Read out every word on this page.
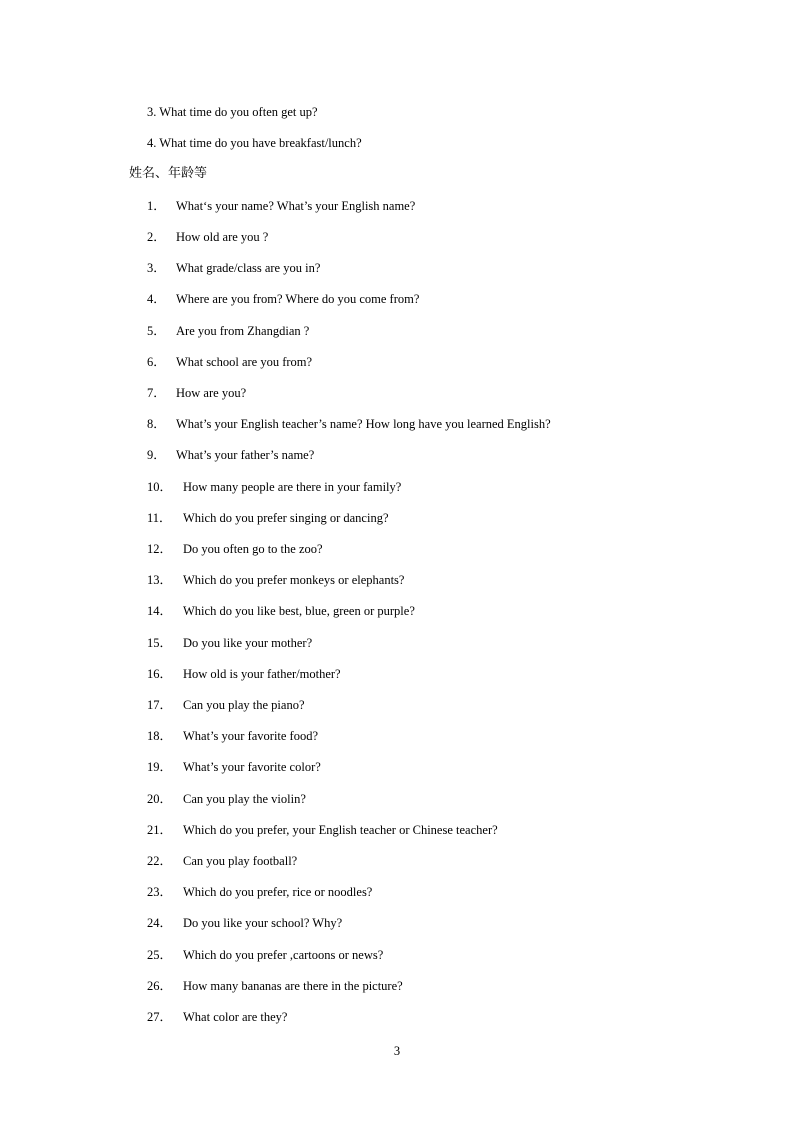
3. What time do you often get up?
4. What time do you have breakfast/lunch?
姓名、年龄等
1． What‘s your name? What’s your English name?
2． How old are you ?
3． What grade/class are you in?
4． Where are you from? Where do you come from?
5． Are you from Zhangdian ?
6． What school are you from?
7． How are you?
8． What’s your English teacher’s name? How long have you learned English?
9． What’s your father’s name?
10． How many people are there in your family?
11． Which do you prefer singing or dancing?
12． Do you often go to the zoo?
13． Which do you prefer monkeys or elephants?
14． Which do you like best, blue, green or purple?
15． Do you like your mother?
16． How old is your father/mother?
17． Can you play the piano?
18． What’s your favorite food?
19． What’s your favorite color?
20． Can you play the violin?
21． Which do you prefer, your English teacher or Chinese teacher?
22． Can you play football?
23． Which do you prefer, rice or noodles?
24． Do you like your school? Why?
25． Which do you prefer ,cartoons or news?
26． How many bananas are there in the picture?
27． What color are they?
3
